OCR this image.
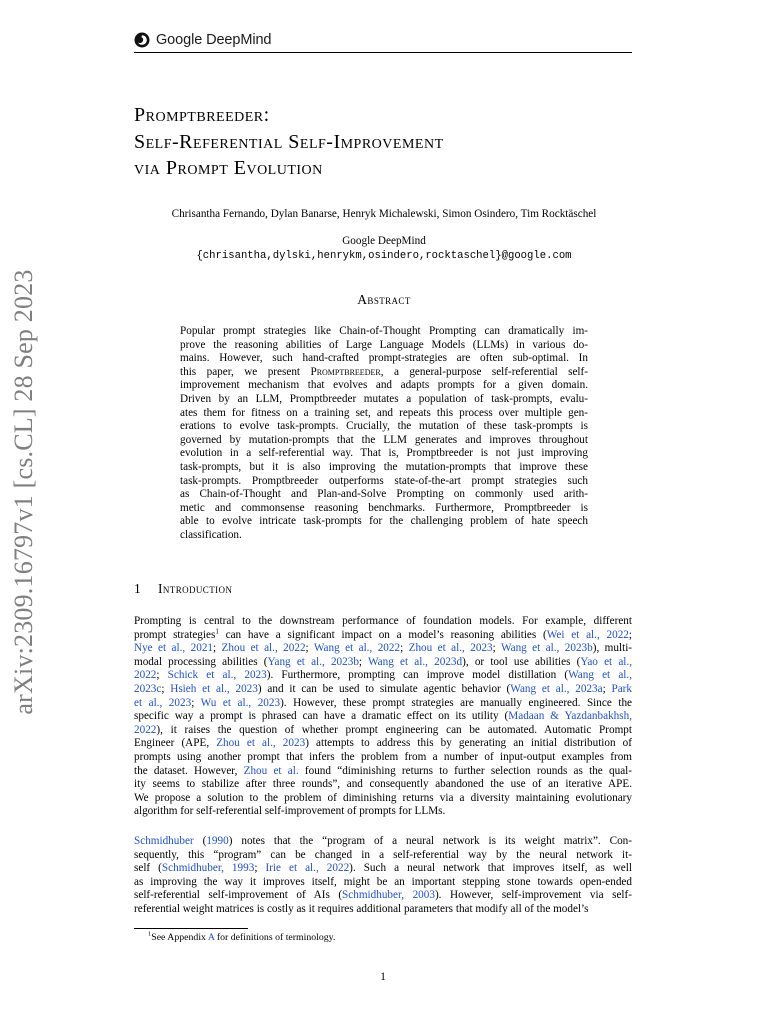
Google DeepMind
arXiv:2309.16797v1 [cs.CL] 28 Sep 2023
Promptbreeder:
Self-Referential Self-Improvement
via Prompt Evolution
Chrisantha Fernando, Dylan Banarse, Henryk Michalewski, Simon Osindero, Tim Rocktäschel
Google DeepMind
{chrisantha,dylski,henrykm,osindero,rocktaschel}@google.com
Abstract
Popular prompt strategies like Chain-of-Thought Prompting can dramatically im-
prove the reasoning abilities of Large Language Models (LLMs) in various do-
mains. However, such hand-crafted prompt-strategies are often sub-optimal. In
this paper, we present Promptbreeder, a general-purpose self-referential self-
improvement mechanism that evolves and adapts prompts for a given domain.
Driven by an LLM, Promptbreeder mutates a population of task-prompts, evalu-
ates them for fitness on a training set, and repeats this process over multiple gen-
erations to evolve task-prompts. Crucially, the mutation of these task-prompts is
governed by mutation-prompts that the LLM generates and improves throughout
evolution in a self-referential way. That is, Promptbreeder is not just improving
task-prompts, but it is also improving the mutation-prompts that improve these
task-prompts. Promptbreeder outperforms state-of-the-art prompt strategies such
as Chain-of-Thought and Plan-and-Solve Prompting on commonly used arith-
metic and commonsense reasoning benchmarks. Furthermore, Promptbreeder is
able to evolve intricate task-prompts for the challenging problem of hate speech
classification.
1 Introduction
Prompting is central to the downstream performance of foundation models. For example, different
prompt strategies$^1$ can have a significant impact on a model’s reasoning abilities (Wei et al., 2022;
Nye et al., 2021; Zhou et al., 2022; Wang et al., 2022; Zhou et al., 2023; Wang et al., 2023b), multi-
modal processing abilities (Yang et al., 2023b; Wang et al., 2023d), or tool use abilities (Yao et al.,
2022; Schick et al., 2023). Furthermore, prompting can improve model distillation (Wang et al.,
2023c; Hsieh et al., 2023) and it can be used to simulate agentic behavior (Wang et al., 2023a; Park
et al., 2023; Wu et al., 2023). However, these prompt strategies are manually engineered. Since the
specific way a prompt is phrased can have a dramatic effect on its utility (Madaan & Yazdanbakhsh,
2022), it raises the question of whether prompt engineering can be automated. Automatic Prompt
Engineer (APE, Zhou et al., 2023) attempts to address this by generating an initial distribution of
prompts using another prompt that infers the problem from a number of input-output examples from
the dataset. However, Zhou et al. found “diminishing returns to further selection rounds as the qual-
ity seems to stabilize after three rounds”, and consequently abandoned the use of an iterative APE.
We propose a solution to the problem of diminishing returns via a diversity maintaining evolutionary
algorithm for self-referential self-improvement of prompts for LLMs.
Schmidhuber (1990) notes that the “program of a neural network is its weight matrix”. Con-
sequently, this “program” can be changed in a self-referential way by the neural network it-
self (Schmidhuber, 1993; Irie et al., 2022). Such a neural network that improves itself, as well
as improving the way it improves itself, might be an important stepping stone towards open-ended
self-referential self-improvement of AIs (Schmidhuber, 2003). However, self-improvement via self-
referential weight matrices is costly as it requires additional parameters that modify all of the model’s
$^1$See Appendix A for definitions of terminology.
1
